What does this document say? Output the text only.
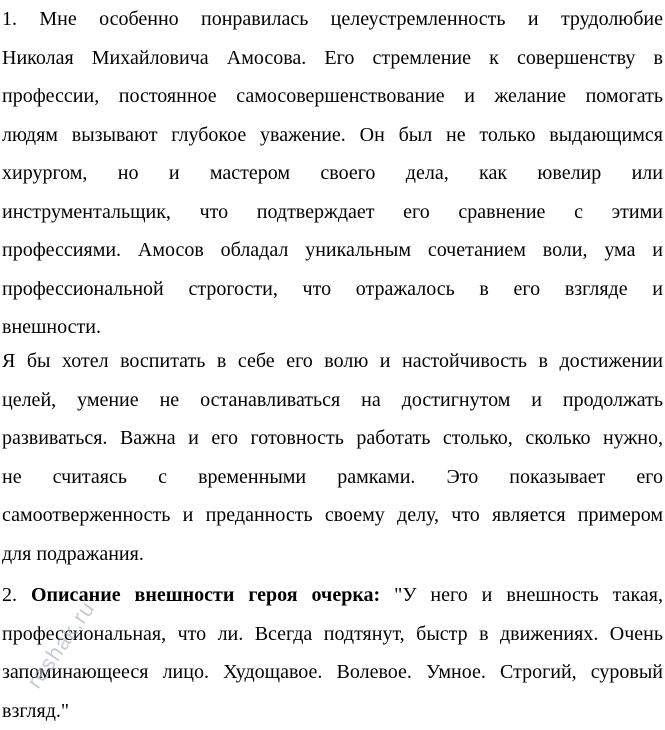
1. Мне особенно понравилась целеустремленность и трудолюбие
Николая Михайловича Амосова. Его стремление к совершенству в
профессии, постоянное самосовершенствование и желание помогать
людям вызывают глубокое уважение. Он был не только выдающимся
хирургом, но и мастером своего дела, как ювелир или
инструментальщик, что подтверждает его сравнение с этими
профессиями. Амосов обладал уникальным сочетанием воли, ума и
профессиональной строгости, что отражалось в его взгляде и
внешности.

Я бы хотел воспитать в себе его волю и настойчивость в достижении
целей, умение не останавливаться на достигнутом и продолжать
развиваться. Важна и его готовность работать столько, сколько нужно,
не считаясь с временными рамками. Это показывает его
самоотверженность и преданность своему делу, что является примером
для подражания.

2. Описание внешности героя очерка: "У него и внешность такая,
профессиональная, что ли. Всегда подтянут, быстр в движениях. Очень
запоминающееся лицо. Худощавое. Волевое. Умное. Строгий, суровый
взгляд."

reshak.ru
